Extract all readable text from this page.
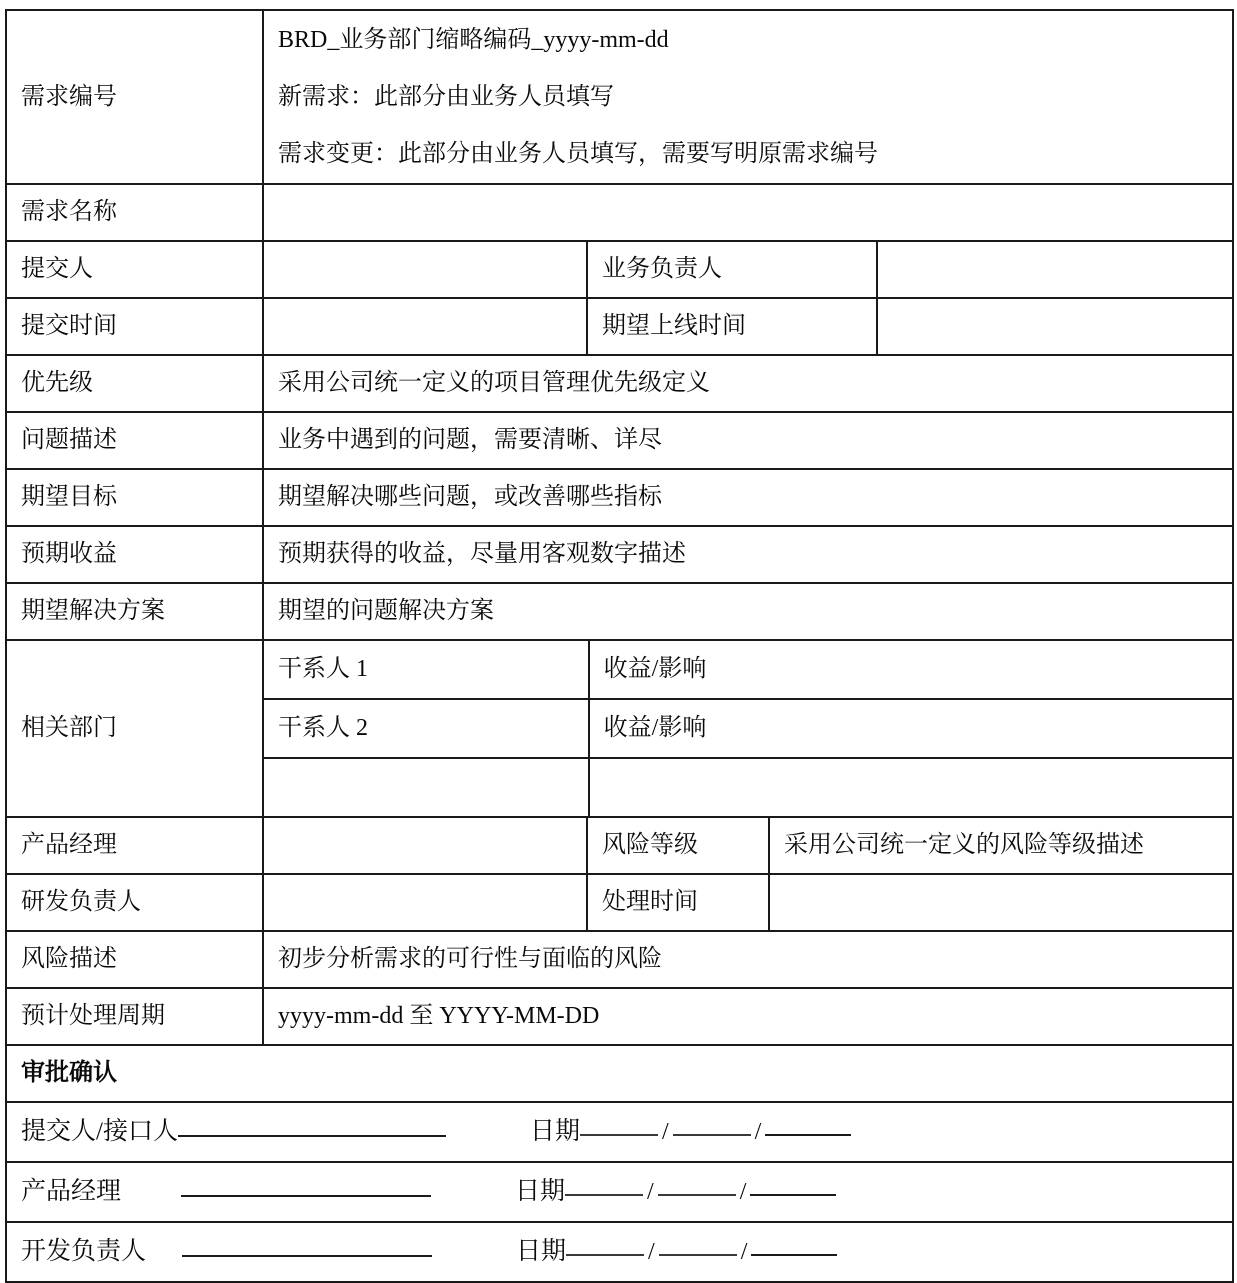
需求编号	
BRD_业务部门缩略编码_yyyy-mm-dd
新需求：此部分由业务人员填写
需求变更：此部分由业务人员填写，需要写明原需求编号

需求名称	
提交人		业务负责人	
提交时间		期望上线时间	
优先级	采用公司统一定义的项目管理优先级定义
问题描述	业务中遇到的问题，需要清晰、详尽
期望目标	期望解决哪些问题，或改善哪些指标
预期收益	预期获得的收益，尽量用客观数字描述
期望解决方案	期望的问题解决方案
相关部门	
干系人 1	收益/影响
干系人 2	收益/影响

产品经理		风险等级	采用公司统一定义的风险等级描述
研发负责人		处理时间	
风险描述	初步分析需求的可行性与面临的风险
预计处理周期	yyyy-mm-dd 至 YYYY-MM-DD
审批确认

提交人/接口人	日期	/	/

产品经理	日期	/	/

开发负责人	日期	/	/
